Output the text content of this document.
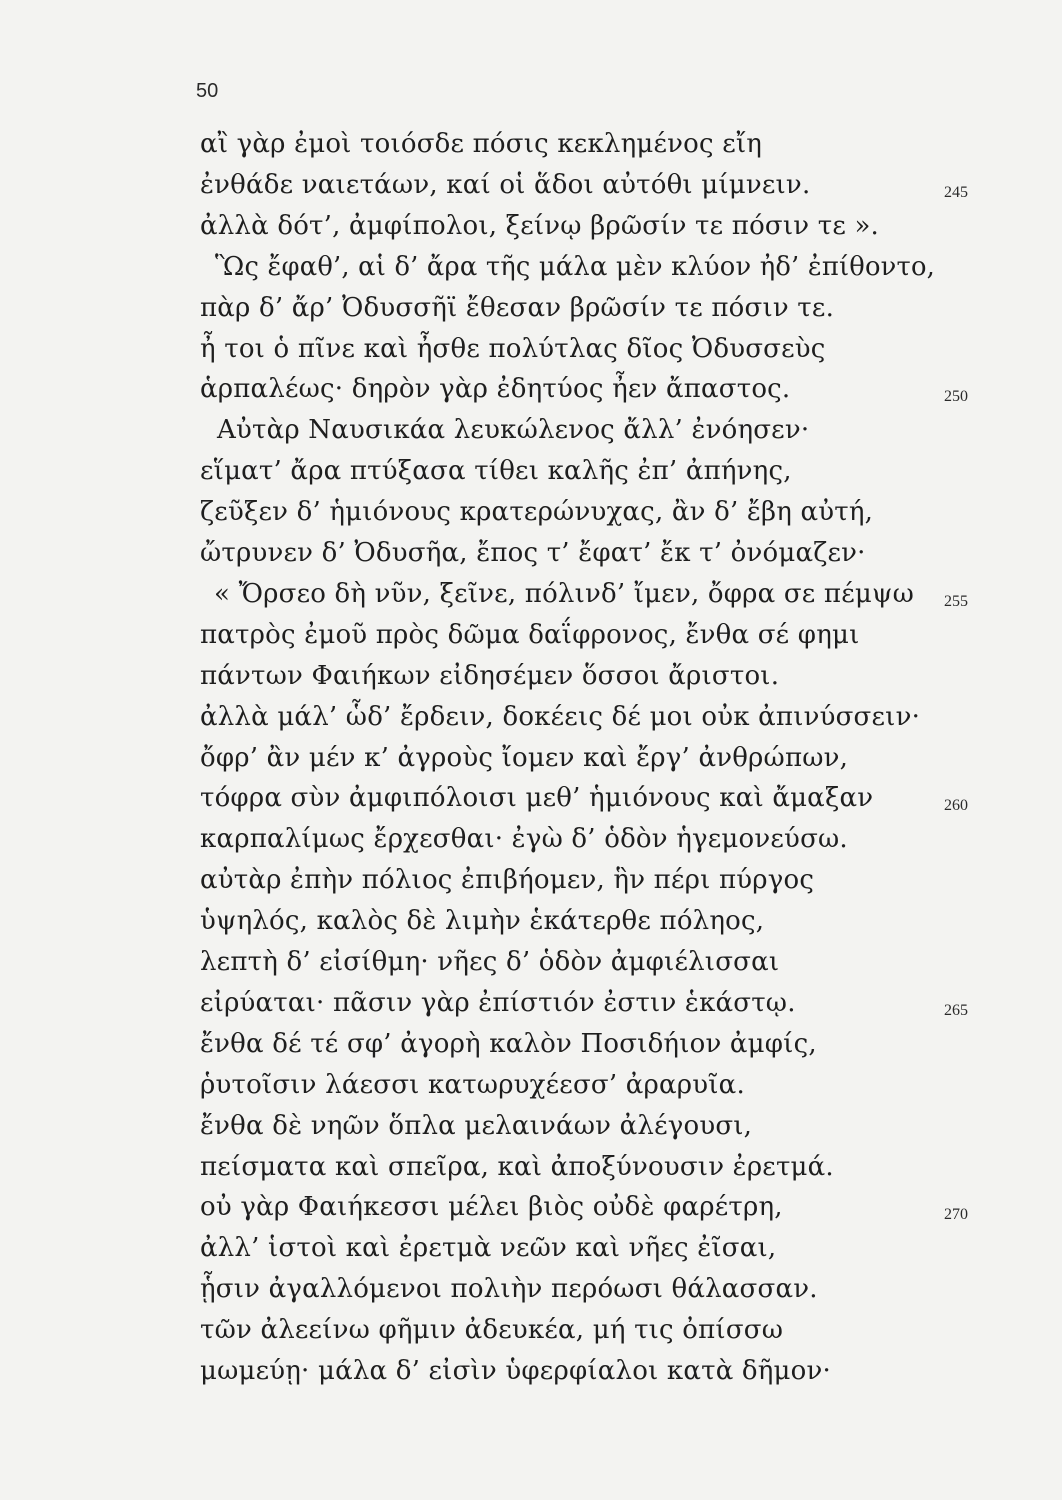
50
αἲ γὰρ ἐμοὶ τοιόσδε πόσις κεκλημένος εἴη
ἐνθάδε ναιετάων, καί οἱ ἅδοι αὐτόθι μίμνειν.	245
ἀλλὰ δότ’, ἀμφίπολοι, ξείνῳ βρῶσίν τε πόσιν τε ».
Ὣς ἔφαθ’, αἱ δ’ ἄρα τῆς μάλα μὲν κλύον ἠδ’ ἐπίθοντο,
πὰρ δ’ ἄρ’ Ὀδυσσῆϊ ἔθεσαν βρῶσίν τε πόσιν τε.
ἦ τοι ὁ πῖνε καὶ ἦσθε πολύτλας δῖος Ὀδυσσεὺς
ἁρπαλέως· δηρὸν γὰρ ἐδητύος ἦεν ἄπαστος.	250
Αὐτὰρ Ναυσικάα λευκώλενος ἄλλ’ ἐνόησεν·
εἵματ’ ἄρα πτύξασα τίθει καλῆς ἐπ’ ἀπήνης,
ζεῦξεν δ’ ἡμιόνους κρατερώνυχας, ἂν δ’ ἔβη αὐτή,
ὤτρυνεν δ’ Ὀδυσῆα, ἔπος τ’ ἔφατ’ ἔκ τ’ ὀνόμαζεν·
« Ὄρσεο δὴ νῦν, ξεῖνε, πόλινδ’ ἴμεν, ὄφρα σε πέμψω 255
πατρὸς ἐμοῦ πρὸς δῶμα δαΐφρονος, ἔνθα σέ φημι
πάντων Φαιήκων εἰδησέμεν ὅσσοι ἄριστοι.
ἀλλὰ μάλ’ ὧδ’ ἔρδειν, δοκέεις δέ μοι οὐκ ἀπινύσσειν·
ὄφρ’ ἂν μέν κ’ ἀγροὺς ἴομεν καὶ ἔργ’ ἀνθρώπων,
τόφρα σὺν ἀμφιπόλοισι μεθ’ ἡμιόνους καὶ ἄμαξαν	260
καρπαλίμως ἔρχεσθαι· ἐγὼ δ’ ὁδὸν ἡγεμονεύσω.
αὐτὰρ ἐπὴν πόλιος ἐπιβήομεν, ἣν πέρι πύργος
ὑψηλός, καλὸς δὲ λιμὴν ἑκάτερθε πόληος,
λεπτὴ δ’ εἰσίθμη· νῆες δ’ ὁδὸν ἀμφιέλισσαι
εἰρύαται· πᾶσιν γὰρ ἐπίστιόν ἐστιν ἑκάστῳ.	265
ἔνθα δέ τέ σφ’ ἀγορὴ καλὸν Ποσιδήιον ἀμφίς,
ῥυτοῖσιν λάεσσι κατωρυχέεσσ’ ἀραρυῖα.
ἔνθα δὲ νηῶν ὅπλα μελαινάων ἀλέγουσι,
πείσματα καὶ σπεῖρα, καὶ ἀποξύνουσιν ἐρετμά.
οὐ γὰρ Φαιήκεσσι μέλει βιὸς οὐδὲ φαρέτρη,	270
ἀλλ’ ἱστοὶ καὶ ἐρετμὰ νεῶν καὶ νῆες ἐῖσαι,
ᾗσιν ἀγαλλόμενοι πολιὴν περόωσι θάλασσαν.
τῶν ἀλεείνω φῆμιν ἀδευκέα, μή τις ὀπίσσω
μωμεύῃ· μάλα δ’ εἰσὶν ὑφερφίαλοι κατὰ δῆμον·
